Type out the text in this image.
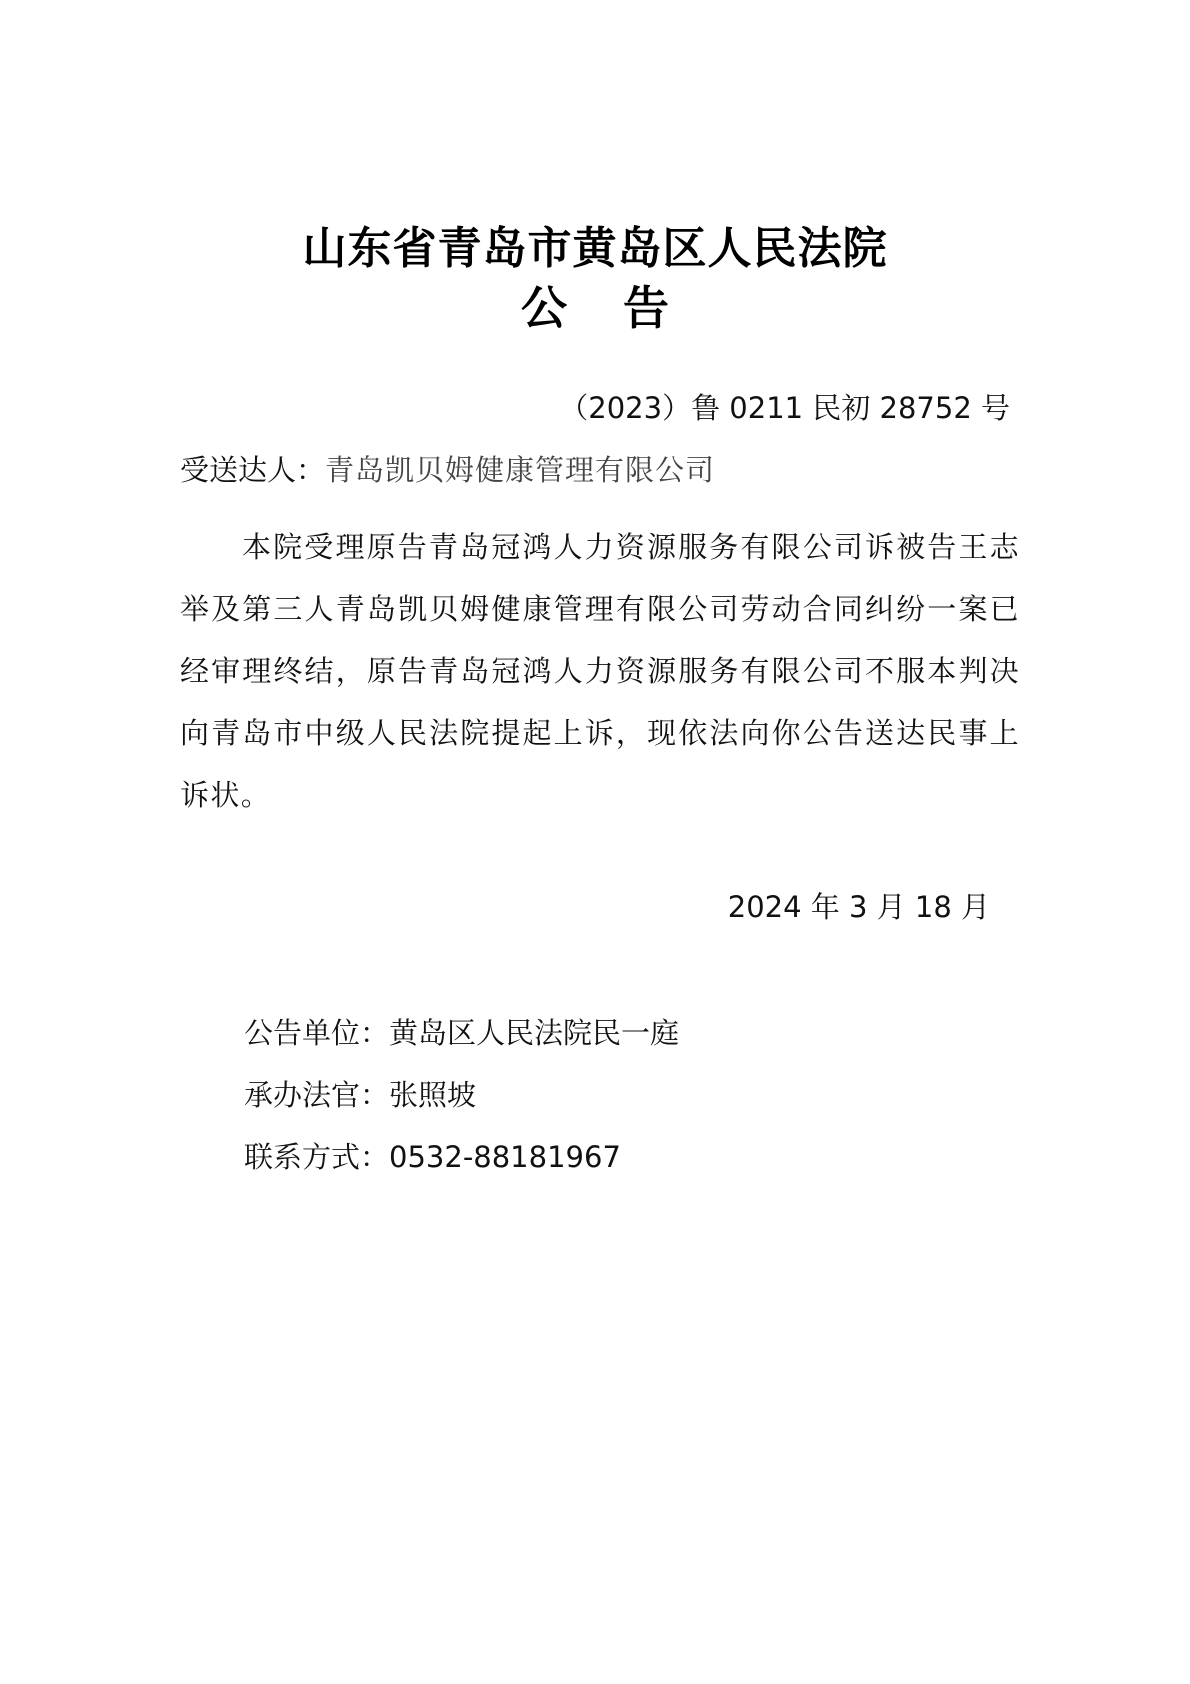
山东省青岛市黄岛区人民法院
公告
（2023）鲁 0211 民初 28752 号
受送达人：青岛凯贝姆健康管理有限公司
本院受理原告青岛冠鸿人力资源服务有限公司诉被告王志举及第三人青岛凯贝姆健康管理有限公司劳动合同纠纷一案已经审理终结，原告青岛冠鸿人力资源服务有限公司不服本判决向青岛市中级人民法院提起上诉，现依法向你公告送达民事上诉状。
2024 年 3 月 18 月
公告单位：黄岛区人民法院民一庭
承办法官：张照坡
联系方式：0532-88181967
